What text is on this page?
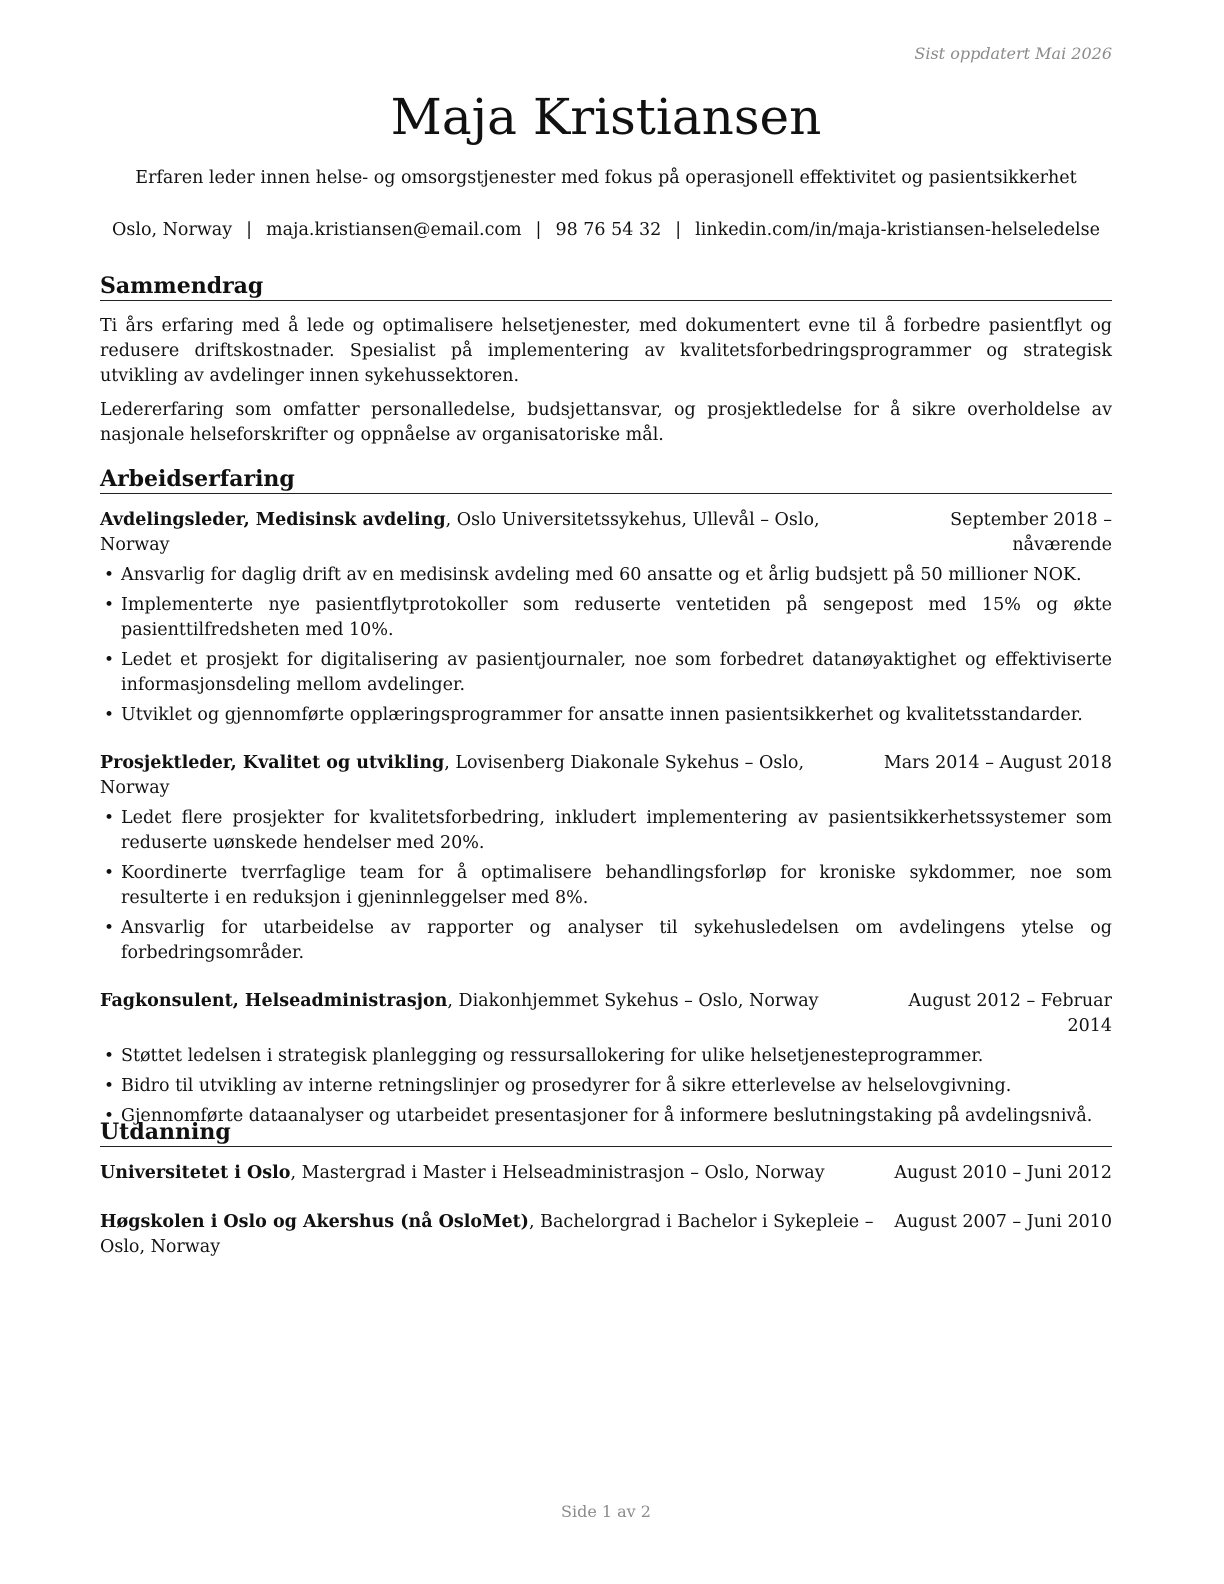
Sist oppdatert Mai 2026
Maja Kristiansen
Erfaren leder innen helse- og omsorgstjenester med fokus på operasjonell effektivitet og pasientsikkerhet
Oslo, Norway | maja.kristiansen@email.com | 98 76 54 32 | linkedin.com/in/maja-kristiansen-helseledelse
Sammendrag

Ti års erfaring med å lede og optimalisere helsetjenester, med dokumentert evne til å forbedre pasientflyt og redusere driftskostnader. Spesialist på implementering av kvalitetsforbedringsprogrammer og strategisk utvikling av avdelinger innen sykehussektoren.

Ledererfaring som omfatter personalledelse, budsjettansvar, og prosjektledelse for å sikre overholdelse av nasjonale helseforskrifter og oppnåelse av organisatoriske mål.

Arbeidserfaring
Avdelingsleder, Medisinsk avdeling, Oslo Universitetssykehus, Ullevål – Oslo, Norway
September 2018 – nåværende
• Ansvarlig for daglig drift av en medisinsk avdeling med 60 ansatte og et årlig budsjett på 50 millioner NOK.
• Implementerte nye pasientflytprotokoller som reduserte ventetiden på sengepost med 15% og økte pasienttilfredsheten med 10%.
• Ledet et prosjekt for digitalisering av pasientjournaler, noe som forbedret datanøyaktighet og effektiviserte informasjonsdeling mellom avdelinger.
• Utviklet og gjennomførte opplæringsprogrammer for ansatte innen pasientsikkerhet og kvalitetsstandarder.
Prosjektleder, Kvalitet og utvikling, Lovisenberg Diakonale Sykehus – Oslo, Norway
Mars 2014 – August 2018
• Ledet flere prosjekter for kvalitetsforbedring, inkludert implementering av pasientsikkerhetssystemer som reduserte uønskede hendelser med 20%.
• Koordinerte tverrfaglige team for å optimalisere behandlingsforløp for kroniske sykdommer, noe som resulterte i en reduksjon i gjeninnleggelser med 8%.
• Ansvarlig for utarbeidelse av rapporter og analyser til sykehusledelsen om avdelingens ytelse og forbedringsområder.
Fagkonsulent, Helseadministrasjon, Diakonhjemmet Sykehus – Oslo, Norway	August 2012 – Februar 2014
• Støttet ledelsen i strategisk planlegging og ressursallokering for ulike helsetjenesteprogrammer.
• Bidro til utvikling av interne retningslinjer og prosedyrer for å sikre etterlevelse av helselovgivning.
• Gjennomførte dataanalyser og utarbeidet presentasjoner for å informere beslutningstaking på avdelingsnivå.
Utdanning
Universitetet i Oslo, Mastergrad i Master i Helseadministrasjon – Oslo, Norway	August 2010 – Juni 2012
Høgskolen i Oslo og Akershus (nå OsloMet), Bachelorgrad i Bachelor i Sykepleie – Oslo, Norway
August 2007 – Juni 2010
Side 1 av 2
